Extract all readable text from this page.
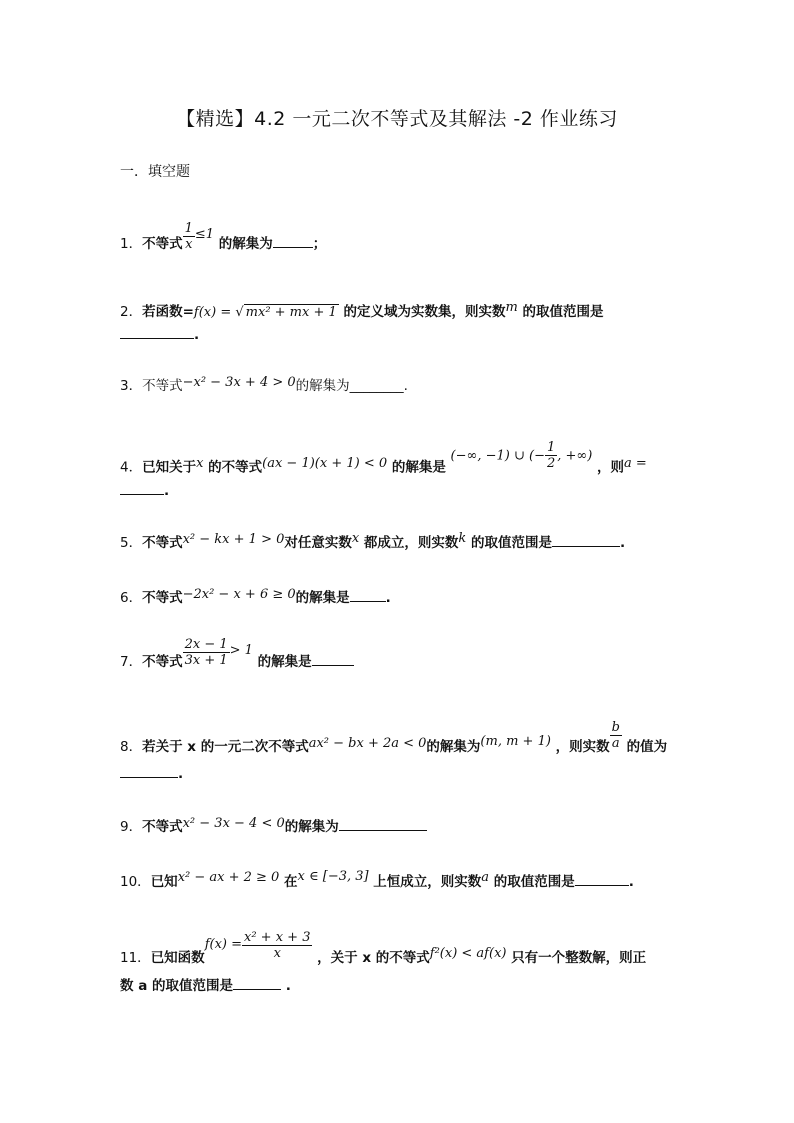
【精选】4.2 一元二次不等式及其解法 -2 作业练习
一．填空题
1．不等式 $\frac{1}{x} \le 1$ 的解集为	；
2．若函数=f(x) = √ mx² + mx + 1 的定义域为实数集，则实数m 的取值范围是
.
3．不等式−x² − 3x + 4 > 0的解集为________.
4．已知关于x 的不等式(ax − 1)(x + 1) < 0 的解集是 (−∞, −1) ∪ (− $\frac{1}{2}$ , +∞) ，则a =
.
5．不等式x² − kx + 1 > 0对任意实数x 都成立，则实数k 的取值范围是	.
6．不等式−2x² − x + 6 ≥ 0的解集是	.
7．不等式 $\frac{2x - 1}{3x + 1} > 1$ 的解集是
8．若关于 x 的一元二次不等式ax² − bx + 2a < 0的解集为(m, m + 1) ，则实数 $\frac{b}{a}$ 的值为
.
9．不等式x² − 3x − 4 < 0的解集为
10．已知x² − ax + 2 ≥ 0 在x ∈ [−3, 3] 上恒成立，则实数a 的取值范围是	.
11．已知函数$f(x) = \frac{\text{x² + x + 3}}{x}$ ，关于 x 的不等式f²(x) < af(x) 只有一个整数解，则正
数 a 的取值范围是	.
